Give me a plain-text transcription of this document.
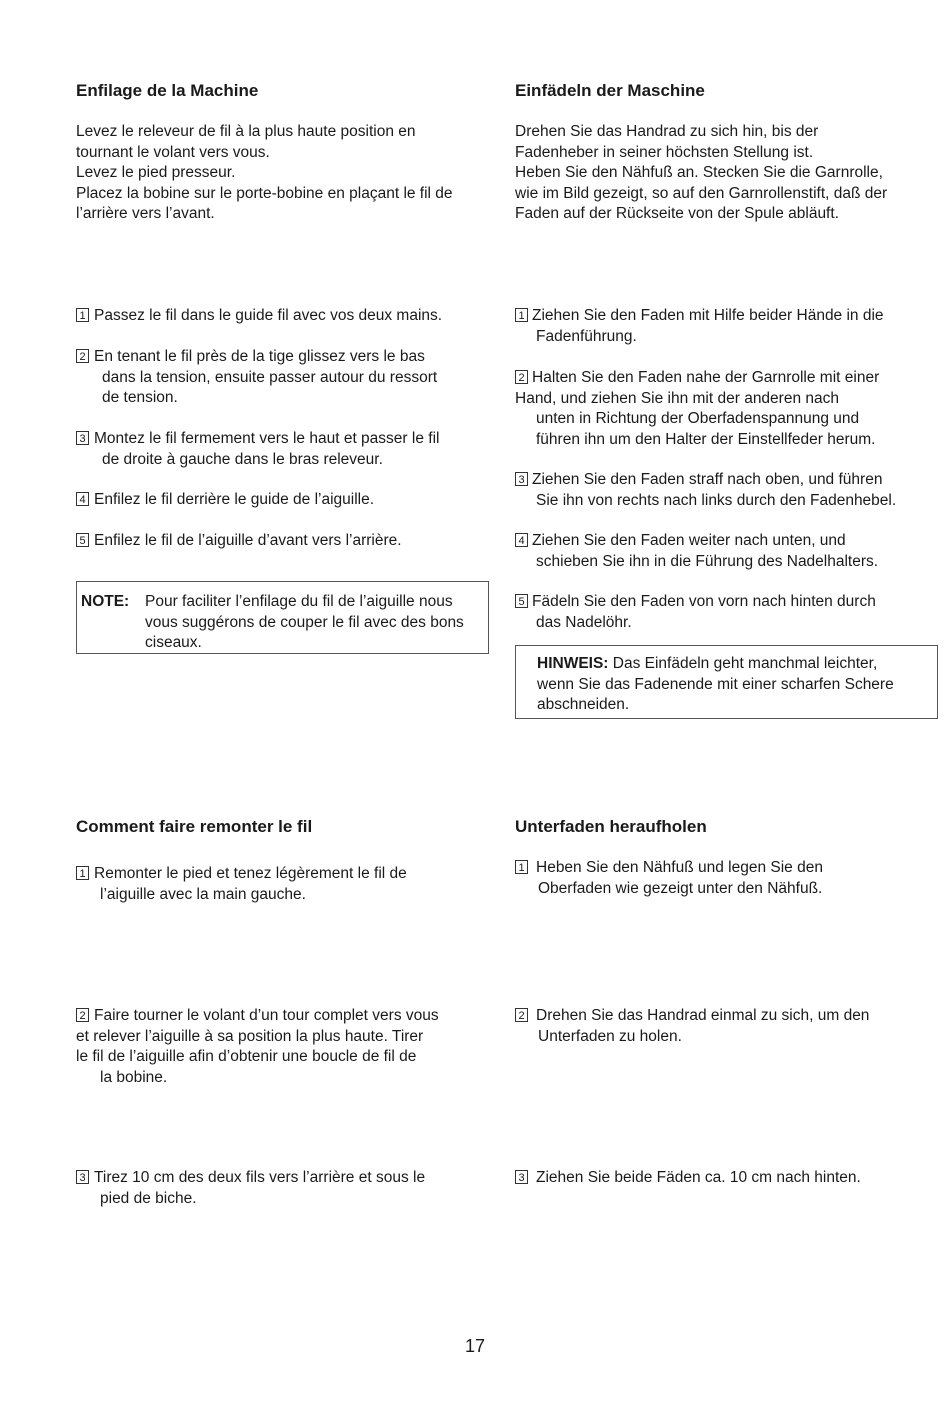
Enfilage de la Machine

Levez le releveur de fil à la plus haute position en

tournant le volant vers vous.

Levez le pied presseur.

Placez la bobine sur le porte-bobine en plaçant le fil de

l’arrière vers l’avant.

1 Passez le fil dans le guide fil avec vos deux mains.
2 En tenant le fil près de la tige glissez vers le bas
dans la tension, ensuite passer autour du ressort
de tension.
3 Montez le fil fermement vers le haut et passer le fil
de droite à gauche dans le bras releveur.
4 Enfilez le fil derrière le guide de l’aiguille.
5 Enfilez le fil de l’aiguille d’avant vers l’arrière.
NOTE: Pour faciliter l’enfilage du fil de l’aiguille nous

vous suggérons de couper le fil avec des bons

ciseaux.

Comment faire remonter le fil
1 Remonter le pied et tenez légèrement le fil de
l’aiguille avec la main gauche.
2 Faire tourner le volant d’un tour complet vers vous
et relever l’aiguille à sa position la plus haute. Tirer
le fil de l’aiguille afin d’obtenir une boucle de fil de
la bobine.
3 Tirez 10 cm des deux fils vers l’arrière et sous le
pied de biche.
Einfädeln der Maschine

Drehen Sie das Handrad zu sich hin, bis der

Fadenheber in seiner höchsten Stellung ist.

Heben Sie den Nähfuß an. Stecken Sie die Garnrolle,

wie im Bild gezeigt, so auf den Garnrollenstift, daß der

Faden auf der Rückseite von der Spule abläuft.

1 Ziehen Sie den Faden mit Hilfe beider Hände in die
Fadenführung.
2 Halten Sie den Faden nahe der Garnrolle mit einer
Hand, und ziehen Sie ihn mit der anderen nach
unten in Richtung der Oberfadenspannung und
führen ihn um den Halter der Einstellfeder herum.
3 Ziehen Sie den Faden straff nach oben, und führen
Sie ihn von rechts nach links durch den Fadenhebel.
4 Ziehen Sie den Faden weiter nach unten, und
schieben Sie ihn in die Führung des Nadelhalters.
5 Fädeln Sie den Faden von vorn nach hinten durch
das Nadelöhr.

HINWEIS: Das Einfädeln geht manchmal leichter,

wenn Sie das Fadenende mit einer scharfen Schere

abschneiden.

Unterfaden heraufholen
1 Heben Sie den Nähfuß und legen Sie den
Oberfaden wie gezeigt unter den Nähfuß.
2 Drehen Sie das Handrad einmal zu sich, um den
Unterfaden zu holen.
3 Ziehen Sie beide Fäden ca. 10 cm nach hinten.
17
